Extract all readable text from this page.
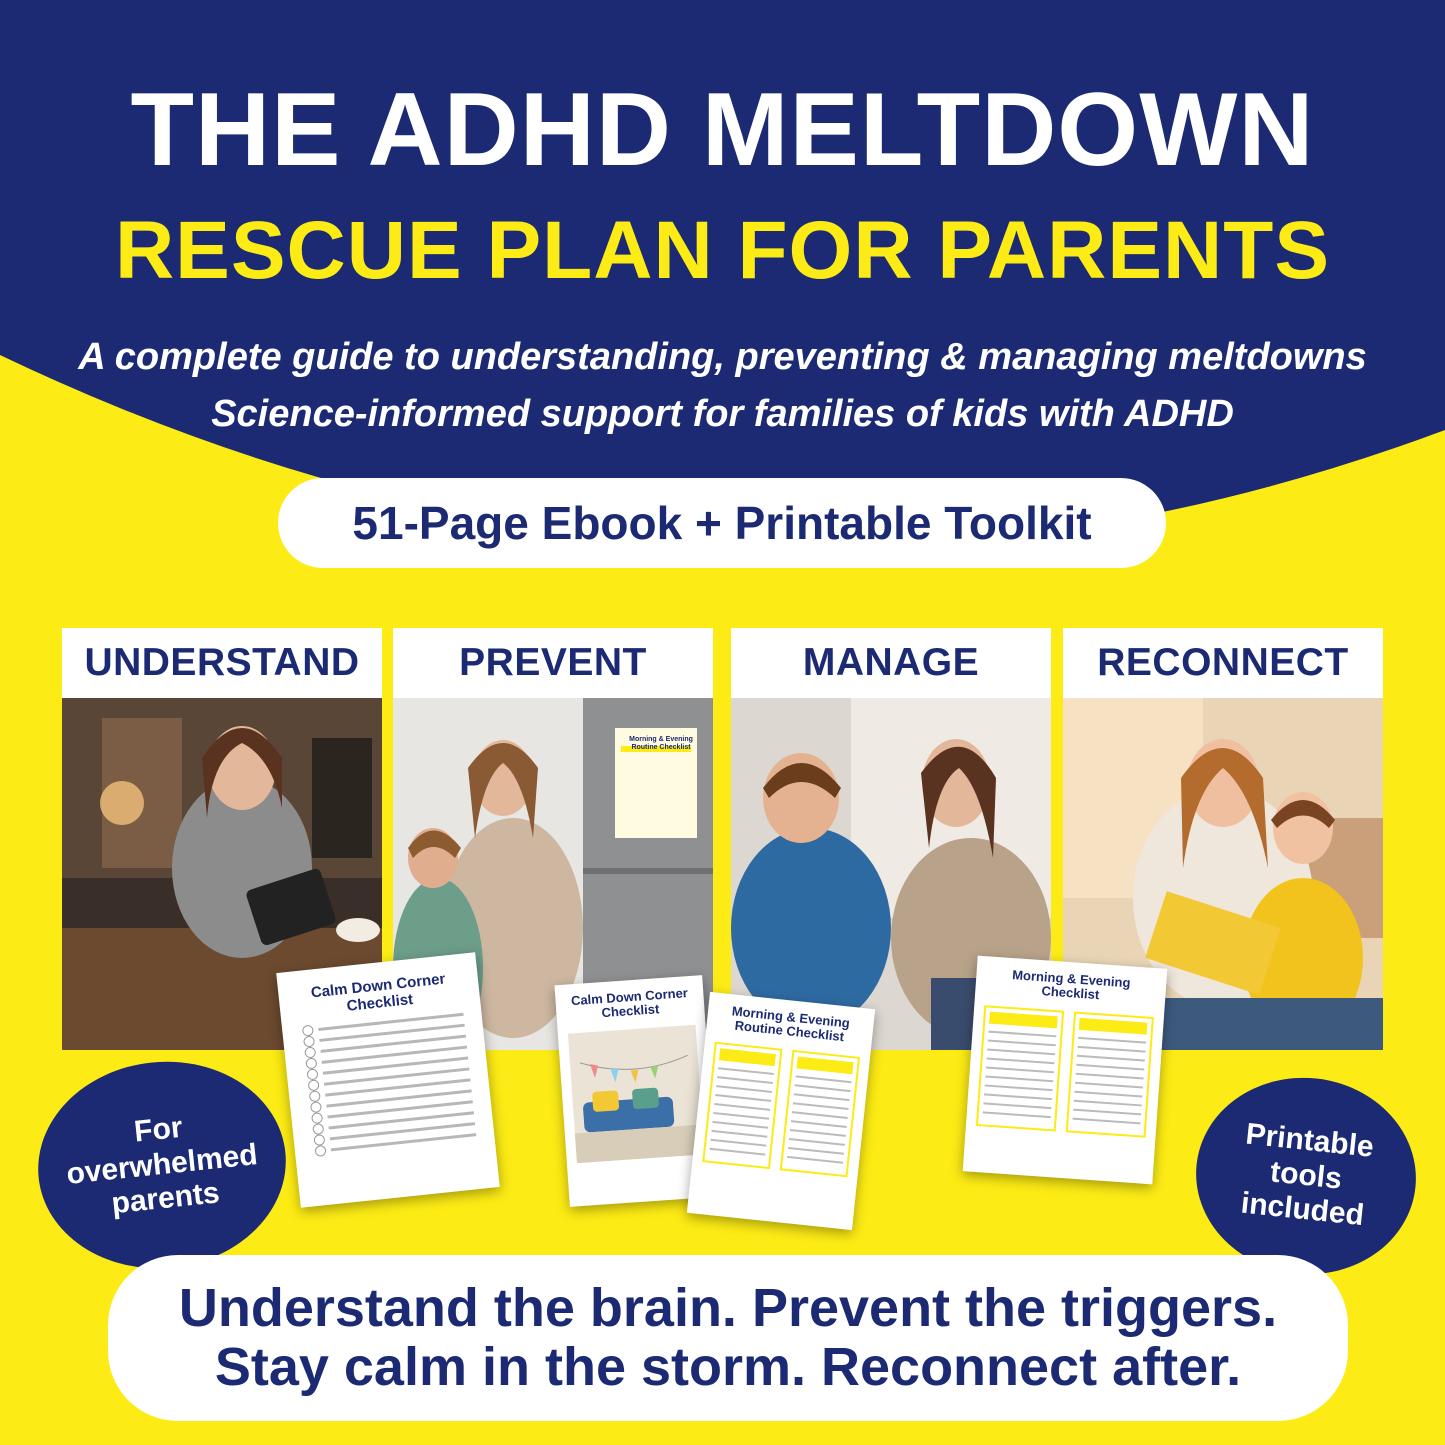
THE ADHD MELTDOWN
RESCUE PLAN FOR PARENTS
A complete guide to understanding, preventing & managing meltdowns
Science-informed support for families of kids with ADHD
51-Page Ebook + Printable Toolkit
UNDERSTAND	PREVENT
Morning & Evening Routine Checklist
MANAGE	RECONNECT
Calm Down Corner Checklist	Calm Down Corner Checklist	Morning & Evening Routine Checklist
Morning & Evening Checklist
For overwhelmed parents
Printable tools included
Understand the brain. Prevent the triggers.
Stay calm in the storm. Reconnect after.
